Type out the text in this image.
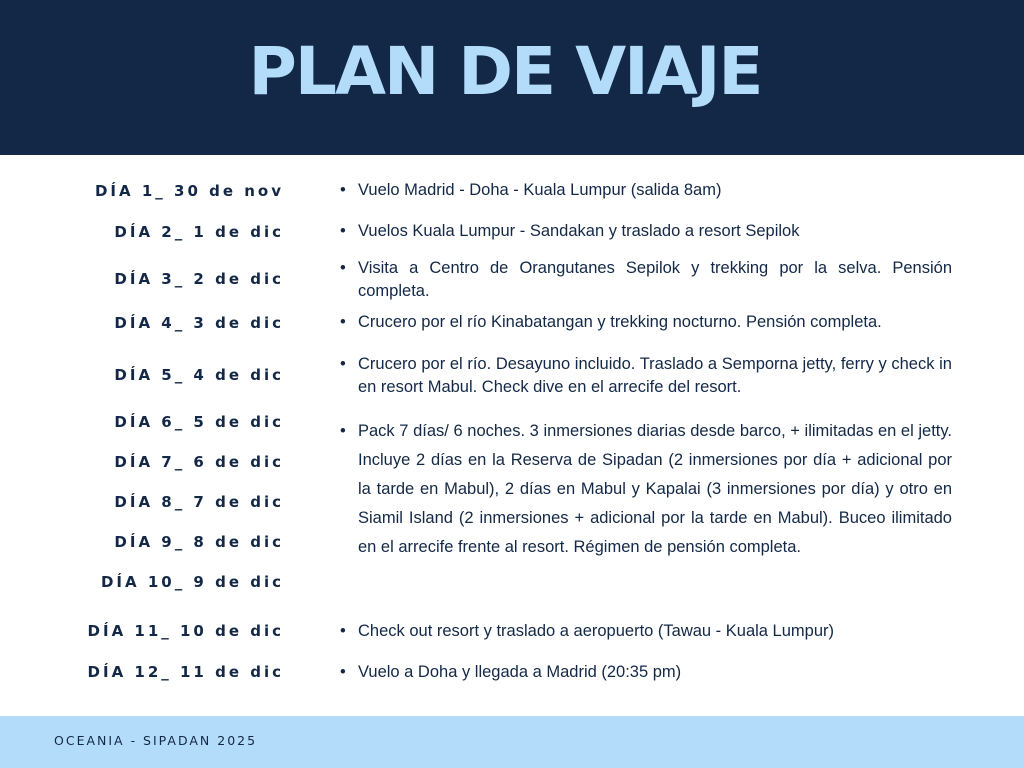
PLAN DE VIAJE
DÍA 1_ 30 de nov
DÍA 2_ 1 de dic
DÍA 3_ 2 de dic
DÍA 4_ 3 de dic
DÍA 5_ 4 de dic
DÍA 6_ 5 de dic
DÍA 7_ 6 de dic
DÍA 8_ 7 de dic
DÍA 9_ 8 de dic
DÍA 10_ 9 de dic
DÍA 11_ 10 de dic
DÍA 12_ 11 de dic
• Vuelo Madrid - Doha - Kuala Lumpur (salida 8am)
• Vuelos Kuala Lumpur - Sandakan y traslado a resort Sepilok
• Visita a Centro de Orangutanes Sepilok y trekking por la selva. Pensión completa.
• Crucero por el río Kinabatangan y trekking nocturno. Pensión completa.
• Crucero por el río. Desayuno incluido. Traslado a Semporna jetty, ferry y check in en resort Mabul. Check dive en el arrecife del resort.
• Pack 7 días/ 6 noches. 3 inmersiones diarias desde barco, + ilimitadas en el jetty. Incluye 2 días en la Reserva de Sipadan (2 inmersiones por día + adicional por la tarde en Mabul), 2 días en Mabul y Kapalai (3 inmersiones por día) y otro en Siamil Island (2 inmersiones + adicional por la tarde en Mabul). Buceo ilimitado en el arrecife frente al resort. Régimen de pensión completa.
• Check out resort y traslado a aeropuerto (Tawau - Kuala Lumpur)
• Vuelo a Doha y llegada a Madrid (20:35 pm)
OCEANIA - SIPADAN 2025
